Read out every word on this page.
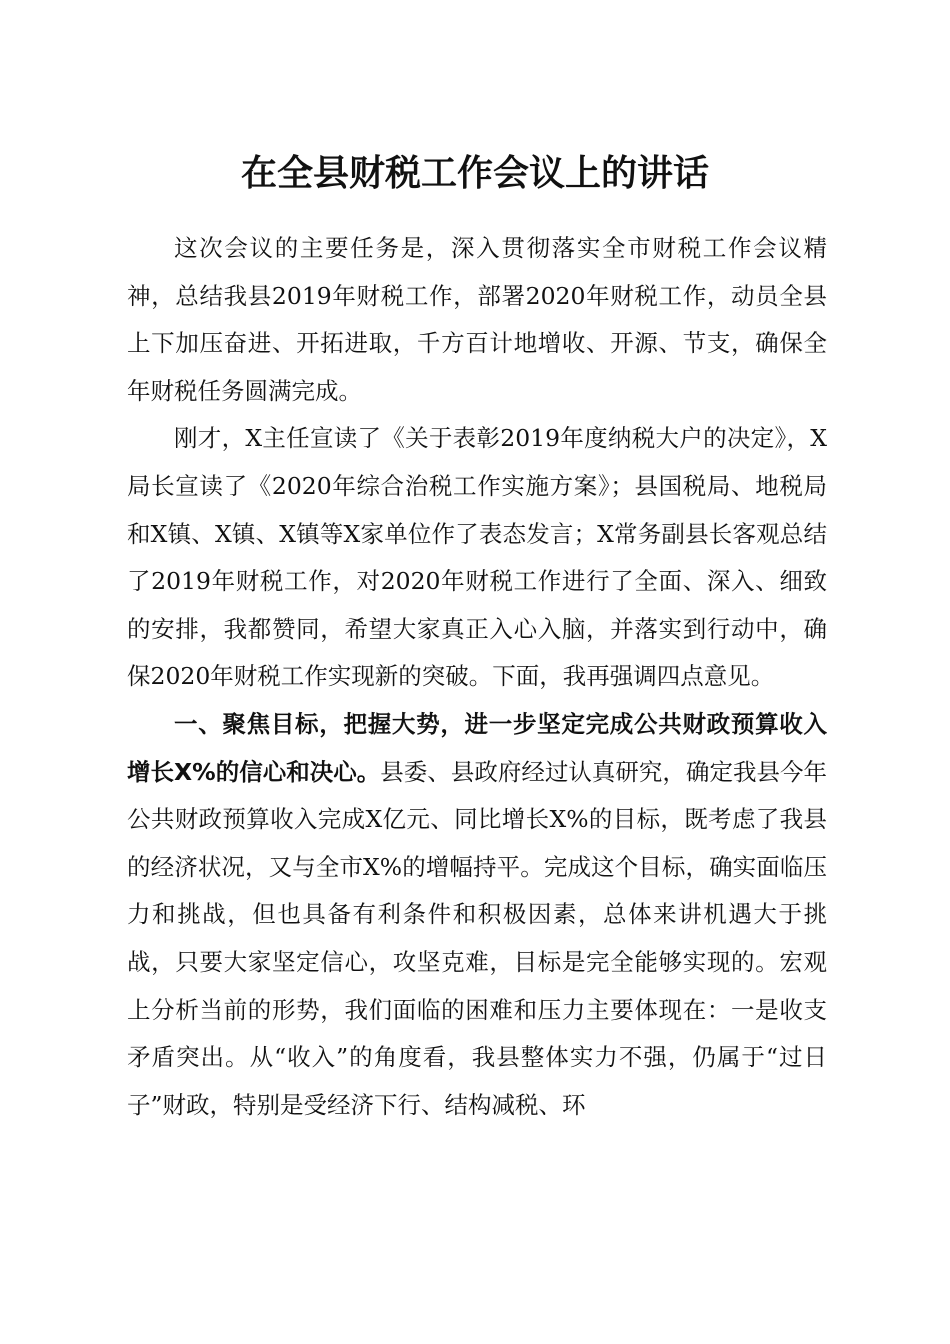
在全县财税工作会议上的讲话

这次会议的主要任务是，深入贯彻落实全市财税工作会议精神，总结我县2019年财税工作，部署2020年财税工作，动员全县上下加压奋进、开拓进取，千方百计地增收、开源、节支，确保全年财税任务圆满完成。

刚才，X主任宣读了《关于表彰2019年度纳税大户的决定》，X局长宣读了《2020年综合治税工作实施方案》；县国税局、地税局和X镇、X镇、X镇等X家单位作了表态发言；X常务副县长客观总结了2019年财税工作，对2020年财税工作进行了全面、深入、细致的安排，我都赞同，希望大家真正入心入脑，并落实到行动中，确保2020年财税工作实现新的突破。下面，我再强调四点意见。

一、聚焦目标，把握大势，进一步坚定完成公共财政预算收入增长X%的信心和决心。县委、县政府经过认真研究，确定我县今年公共财政预算收入完成X亿元、同比增长X%的目标，既考虑了我县的经济状况，又与全市X%的增幅持平。完成这个目标，确实面临压力和挑战，但也具备有利条件和积极因素，总体来讲机遇大于挑战，只要大家坚定信心，攻坚克难，目标是完全能够实现的。宏观上分析当前的形势，我们面临的困难和压力主要体现在：一是收支矛盾突出。从“收入”的角度看，我县整体实力不强，仍属于“过日子”财政，特别是受经济下行、结构减税、环
